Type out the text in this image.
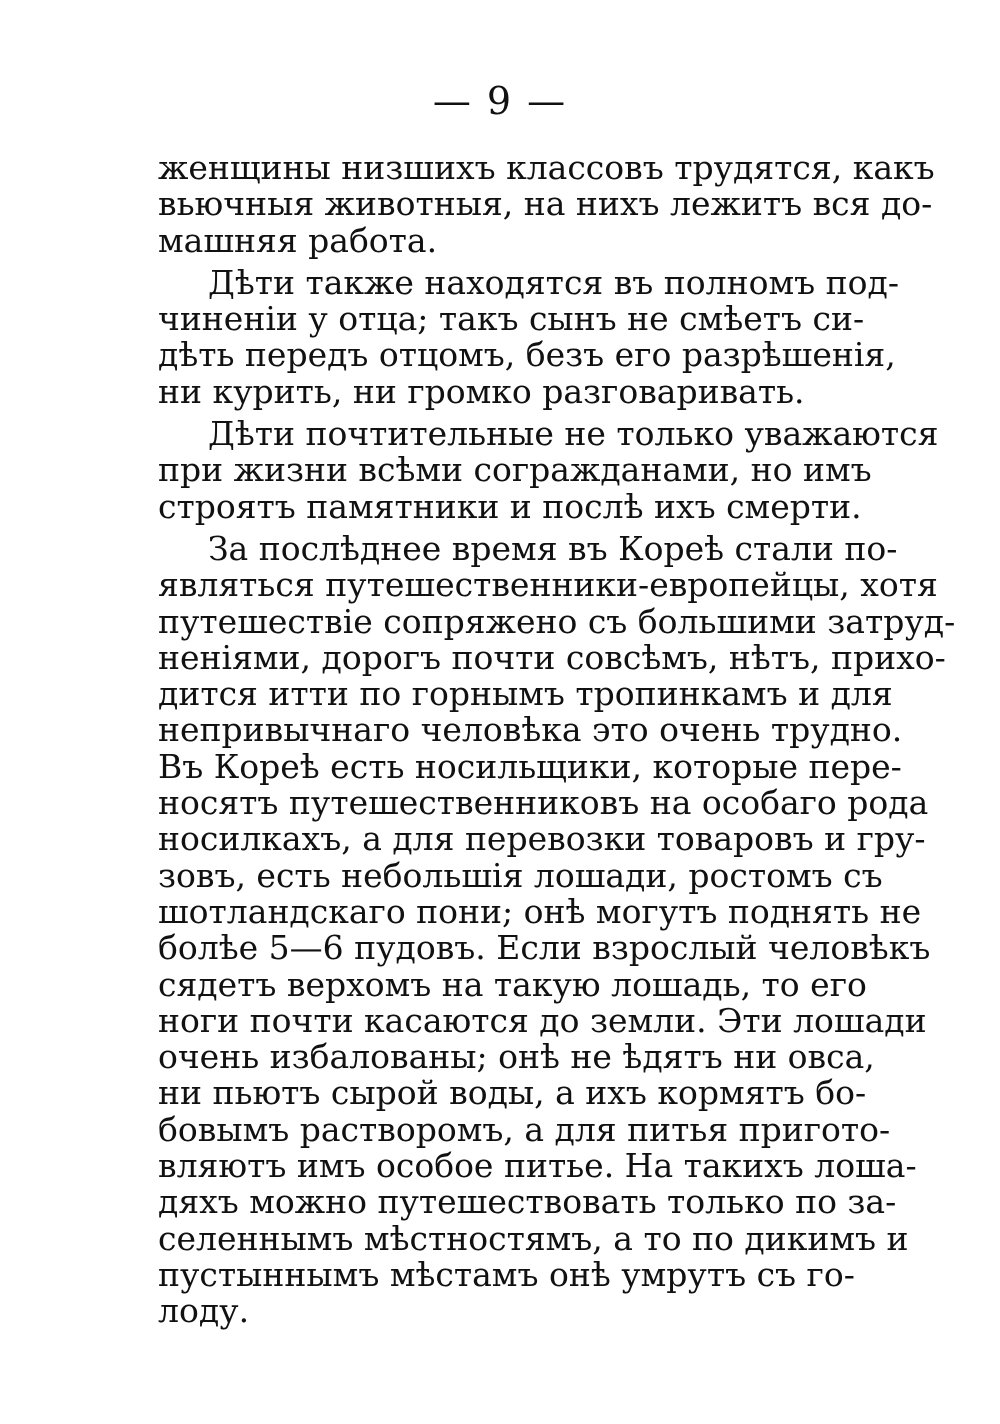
— 9 —
женщины низшихъ классовъ трудятся, какъ
вьючныя животныя, на нихъ лежитъ вся до-
машняя работа.
Дѣти также находятся въ полномъ под-
чиненіи у отца; такъ сынъ не смѣетъ си-
дѣть передъ отцомъ, безъ его разрѣшенія,
ни курить, ни громко разговаривать.
Дѣти почтительные не только уважаются
при жизни всѣми согражданами, но имъ
строятъ памятники и послѣ ихъ смерти.
За послѣднее время въ Кореѣ стали по-
являться путешественники-европейцы, хотя
путешествіе сопряжено съ большими затруд-
неніями, дорогъ почти совсѣмъ, нѣтъ, прихо-
дится итти по горнымъ тропинкамъ и для
непривычнаго человѣка это очень трудно.
Въ Кореѣ есть носильщики, которые пере-
носятъ путешественниковъ на особаго рода
носилкахъ, а для перевозки товаровъ и гру-
зовъ, есть небольшія лошади, ростомъ съ
шотландскаго пони; онѣ могутъ поднять не
болѣе 5—6 пудовъ. Если взрослый человѣкъ
сядетъ верхомъ на такую лошадь, то его
ноги почти касаются до земли. Эти лошади
очень избалованы; онѣ не ѣдятъ ни овса,
ни пьютъ сырой воды, а ихъ кормятъ бо-
бовымъ растворомъ, а для питья пригото-
вляютъ имъ особое питье. На такихъ лоша-
дяхъ можно путешествовать только по за-
селеннымъ мѣстностямъ, а то по дикимъ и
пустыннымъ мѣстамъ онѣ умрутъ съ го-
лоду.
